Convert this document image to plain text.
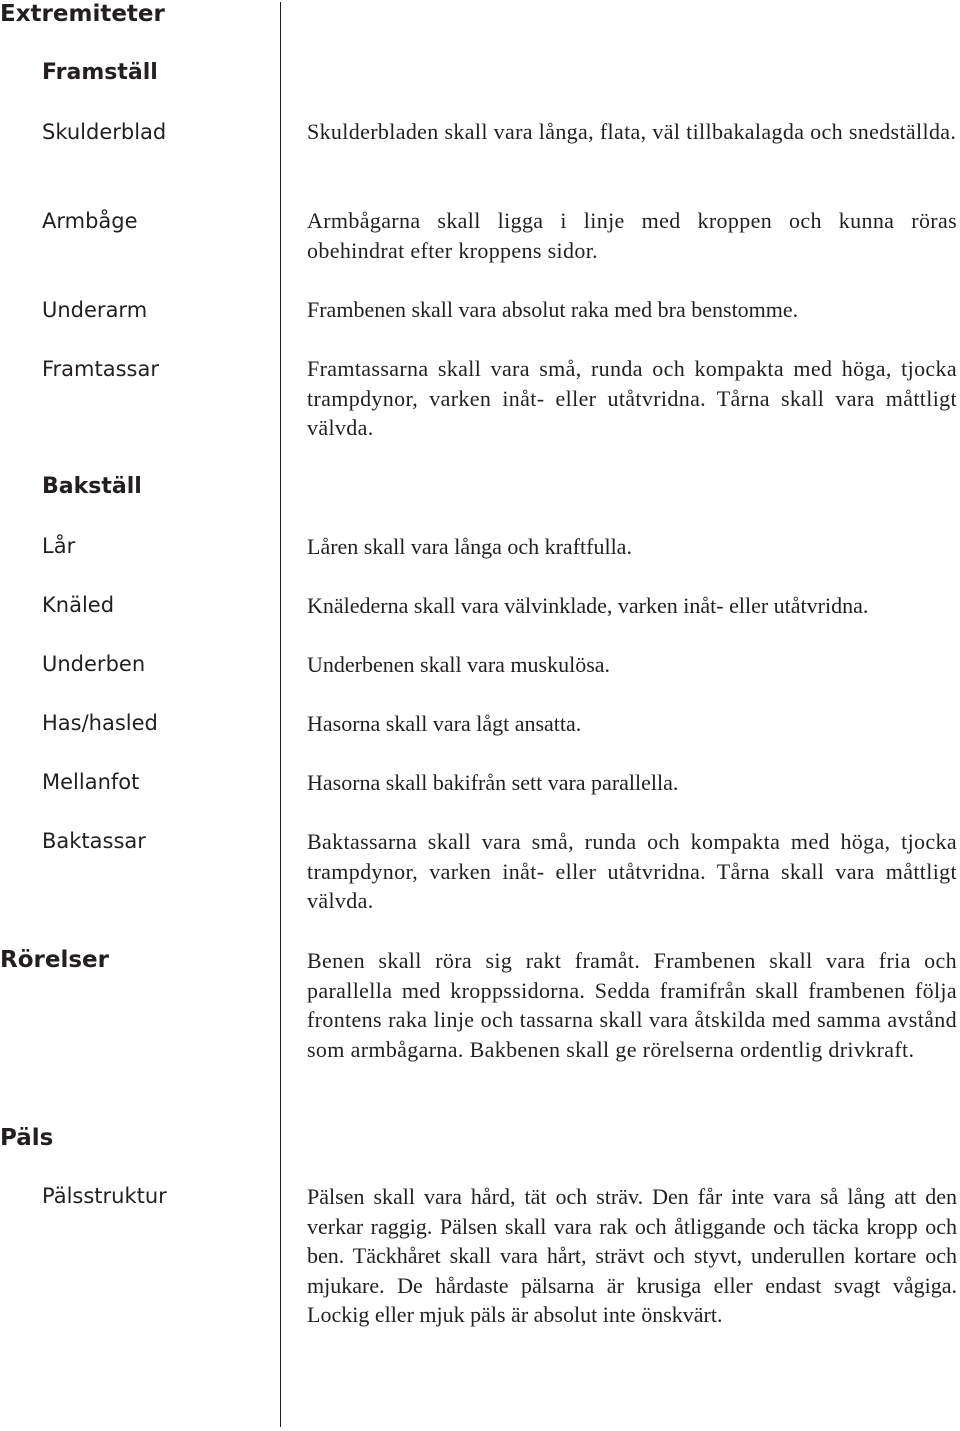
Extremiteter
Framställ
Skulderblad	Skulderbladen skall vara långa, flata, väl tillbakalagda och snedställda.
Armbåge	Armbågarna skall ligga i linje med kroppen och kunna röras obehindrat efter kroppens sidor.
Underarm	Frambenen skall vara absolut raka med bra benstomme.
Framtassar	Framtassarna skall vara små, runda och kompakta med höga, tjocka trampdynor, varken inåt- eller utåtvridna. Tårna skall vara måttligt välvda.
Bakställ
Lår	Låren skall vara långa och kraftfulla.
Knäled	Knälederna skall vara välvinklade, varken inåt- eller utåtvridna.
Underben	Underbenen skall vara muskulösa.
Has/hasled	Hasorna skall vara lågt ansatta.
Mellanfot	Hasorna skall bakifrån sett vara parallella.
Baktassar	Baktassarna skall vara små, runda och kompakta med höga, tjocka trampdynor, varken inåt- eller utåtvridna. Tårna skall vara måttligt välvda.
Rörelser	Benen skall röra sig rakt framåt. Frambenen skall vara fria och parallella med kroppssidorna. Sedda framifrån skall frambenen följa frontens raka linje och tassarna skall vara åtskilda med samma avstånd som armbågarna. Bakbenen skall ge rörelserna ordentlig drivkraft.
Päls
Pälsstruktur	Pälsen skall vara hård, tät och sträv. Den får inte vara så lång att den verkar raggig. Pälsen skall vara rak och åtliggande och täcka kropp och ben. Täckhåret skall vara hårt, strävt och styvt, underullen kortare och mjukare. De hårdaste pälsarna är krusiga eller endast svagt vågiga. Lockig eller mjuk päls är absolut inte önskvärt.
